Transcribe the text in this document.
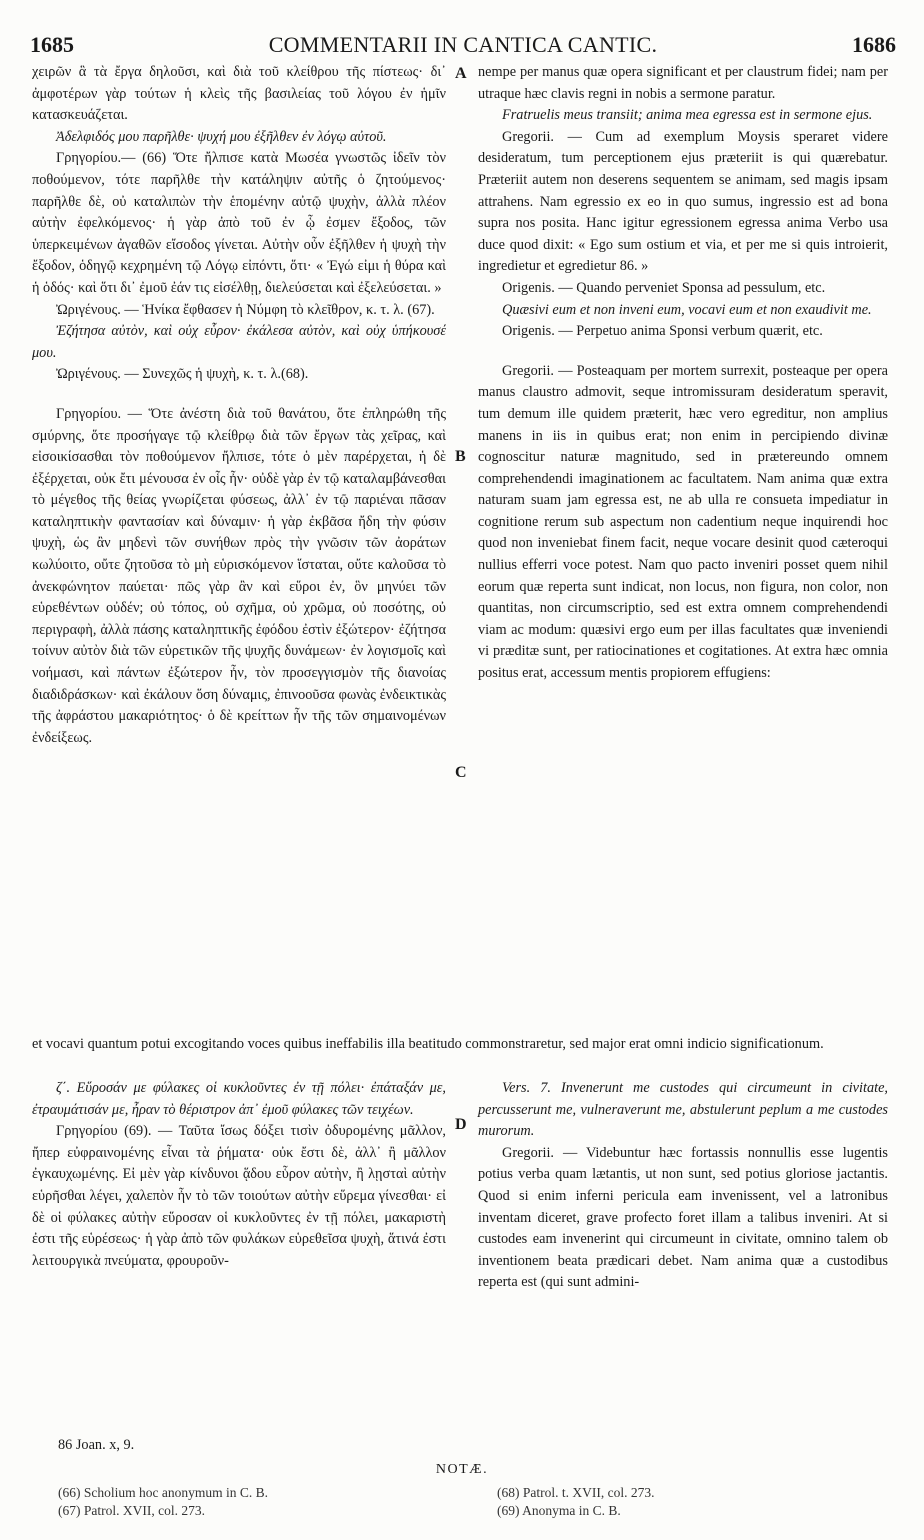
1685	COMMENTARII IN CANTICA CANTIC.	1686

χειρῶν ἃ τὰ ἔργα δηλοῦσι, καὶ διὰ τοῦ κλείθρου τῆς πίστεως· δι᾽ ἀμφοτέρων γὰρ τούτων ἡ κλεὶς τῆς βασιλείας τοῦ λόγου ἐν ἡμῖν κατασκευάζεται.

Ἀδελφιδός μου παρῆλθε· ψυχή μου ἐξῆλθεν ἐν λόγῳ αὐτοῦ.

Γρηγορίου.— (66) Ὅτε ἤλπισε κατὰ Μωσέα γνωστῶς ἰδεῖν τὸν ποθούμενον, τότε παρῆλθε τὴν κατάληψιν αὐτῆς ὁ ζητούμενος· παρῆλθε δὲ, οὐ καταλιπὼν τὴν ἑπομένην αὐτῷ ψυχὴν, ἀλλὰ πλέον αὐτὴν ἐφελκόμενος· ἡ γὰρ ἀπὸ τοῦ ἐν ᾧ ἐσμεν ἔξοδος, τῶν ὑπερκειμένων ἀγαθῶν εἴσοδος γίνεται. Αὐτὴν οὖν ἐξῆλθεν ἡ ψυχὴ τὴν ἔξοδον, ὁδηγῷ κεχρημένη τῷ Λόγῳ εἰπόντι, ὅτι· « Ἐγώ εἰμι ἡ θύρα καὶ ἡ ὁδός· καὶ ὅτι δι᾽ ἐμοῦ ἐάν τις εἰσέλθῃ, διελεύσεται καὶ ἐξελεύσεται. »

Ὠριγένους. — Ἡνίκα ἔφθασεν ἡ Νύμφη τὸ κλεῖθρον, κ. τ. λ. (67).

Ἐζήτησα αὐτὸν, καὶ οὐχ εὗρον· ἐκάλεσα αὐτὸν, καὶ οὐχ ὑπήκουσέ μου.

Ὠριγένους. — Συνεχῶς ἡ ψυχὴ, κ. τ. λ.(68).

Γρηγορίου. — Ὅτε ἀνέστη διὰ τοῦ θανάτου, ὅτε ἐπληρώθη τῆς σμύρνης, ὅτε προσήγαγε τῷ κλείθρῳ διὰ τῶν ἔργων τὰς χεῖρας, καὶ εἰσοικίσασθαι τὸν ποθούμενον ἤλπισε, τότε ὁ μὲν παρέρχεται, ἡ δὲ ἐξέρχεται, οὐκ ἔτι μένουσα ἐν οἷς ἦν· οὐδὲ γὰρ ἐν τῷ καταλαμβάνεσθαι τὸ μέγεθος τῆς θείας γνωρίζεται φύσεως, ἀλλ᾽ ἐν τῷ παριέναι πᾶσαν καταληπτικὴν φαντασίαν καὶ δύναμιν· ἡ γὰρ ἐκβᾶσα ἤδη τὴν φύσιν ψυχὴ, ὡς ἂν μηδενὶ τῶν συνήθων πρὸς τὴν γνῶσιν τῶν ἀοράτων κωλύοιτο, οὔτε ζητοῦσα τὸ μὴ εὑρισκόμενον ἵσταται, οὔτε καλοῦσα τὸ ἀνεκφώνητον παύεται· πῶς γὰρ ἂν καὶ εὕροι ἐν, ὃν μηνύει τῶν εὑρεθέντων οὐδέν; οὐ τόπος, οὐ σχῆμα, οὐ χρῶμα, οὐ ποσότης, οὐ περιγραφὴ, ἀλλὰ πάσης καταληπτικῆς ἐφόδου ἐστὶν ἐξώτερον· ἐζήτησα τοίνυν αὐτὸν διὰ τῶν εὑρετικῶν τῆς ψυχῆς δυνάμεων· ἐν λογισμοῖς καὶ νοήμασι, καὶ πάντων ἐξώτερον ἦν, τὸν προσεγγισμὸν τῆς διανοίας διαδιδράσκων· καὶ ἐκάλουν ὅση δύναμις, ἐπινοοῦσα φωνὰς ἐνδεικτικὰς τῆς ἀφράστου μακαριότητος· ὁ δὲ κρείττων ἦν τῆς τῶν σημαινομένων ἐνδείξεως.

nempe per manus quæ opera significant et per claustrum fidei; nam per utraque hæc clavis regni in nobis a sermone paratur.

Fratruelis meus transiit; anima mea egressa est in sermone ejus.

Gregorii. — Cum ad exemplum Moysis speraret videre desideratum, tum perceptionem ejus præteriit is qui quærebatur. Præteriit autem non deserens sequentem se animam, sed magis ipsam attrahens. Nam egressio ex eo in quo sumus, ingressio est ad bona supra nos posita. Hanc igitur egressionem egressa anima Verbo usa duce quod dixit: « Ego sum ostium et via, et per me si quis introierit, ingredietur et egredietur 86. »

Origenis. — Quando perveniet Sponsa ad pessulum, etc.

Quæsivi eum et non inveni eum, vocavi eum et non exaudivit me.

Origenis. — Perpetuo anima Sponsi verbum quærit, etc.

Gregorii. — Posteaquam per mortem surrexit, posteaque per opera manus claustro admovit, seque intromissuram desideratum speravit, tum demum ille quidem præterit, hæc vero egreditur, non amplius manens in iis in quibus erat; non enim in percipiendo divinæ cognoscitur naturæ magnitudo, sed in prætereundo omnem comprehendendi imaginationem ac facultatem. Nam anima quæ extra naturam suam jam egressa est, ne ab ulla re consueta impediatur in cognitione rerum sub aspectum non cadentium neque inquirendi hoc quod non inveniebat finem facit, neque vocare desinit quod cæteroqui nullius efferri voce potest. Nam quo pacto inveniri posset quem nihil eorum quæ reperta sunt indicat, non locus, non figura, non color, non quantitas, non circumscriptio, sed est extra omnem comprehendendi viam ac modum: quæsivi ergo eum per illas facultates quæ inveniendi vi præditæ sunt, per ratiocinationes et cogitationes. At extra hæc omnia positus erat, accessum mentis propiorem effugiens:

et vocavi quantum potui excogitando voces quibus ineffabilis illa beatitudo commonstraretur, sed major erat omni indicio significationum.

ζ΄. Εὕροσάν με φύλακες οἱ κυκλοῦντες ἐν τῇ πόλει· ἐπάταξάν με, ἐτραυμάτισάν με, ἦραν τὸ θέριστρον ἀπ᾽ ἐμοῦ φύλακες τῶν τειχέων.

Γρηγορίου (69). — Ταῦτα ἴσως δόξει τισὶν ὀδυρομένης μᾶλλον, ἤπερ εὐφραινομένης εἶναι τὰ ῥήματα· οὐκ ἔστι δὲ, ἀλλ᾽ ἢ μᾶλλον ἐγκαυχωμένης. Εἰ μὲν γὰρ κίνδυνοι ᾅδου εὗρον αὐτὴν, ἢ λῃσταὶ αὐτὴν εὑρῆσθαι λέγει, χαλεπὸν ἦν τὸ τῶν τοιούτων αὐτὴν εὕρεμα γίνεσθαι· εἰ δὲ οἱ φύλακες αὐτὴν εὕροσαν οἱ κυκλοῦντες ἐν τῇ πόλει, μακαριστὴ ἐστι τῆς εὑρέσεως· ἡ γὰρ ἀπὸ τῶν φυλάκων εὑρεθεῖσα ψυχὴ, ἅτινά ἐστι λειτουργικὰ πνεύματα, φρουροῦν-

Vers. 7. Invenerunt me custodes qui circumeunt in civitate, percusserunt me, vulneraverunt me, abstulerunt peplum a me custodes murorum.

Gregorii. — Videbuntur hæc fortassis nonnullis esse lugentis potius verba quam lætantis, ut non sunt, sed potius gloriose jactantis. Quod si enim inferni pericula eam invenissent, vel a latronibus inventam diceret, grave profecto foret illam a talibus inveniri. At si custodes eam invenerint qui circumeunt in civitate, omnino talem ob inventionem beata prædicari debet. Nam anima quæ a custodibus reperta est (qui sunt admini-

A
B
C
D
86 Joan. x, 9.
NOTÆ.
(66) Scholium hoc anonymum in C. B.
(67) Patrol. XVII, col. 273.
(68) Patrol. t. XVII, col. 273.
(69) Anonyma in C. B.
